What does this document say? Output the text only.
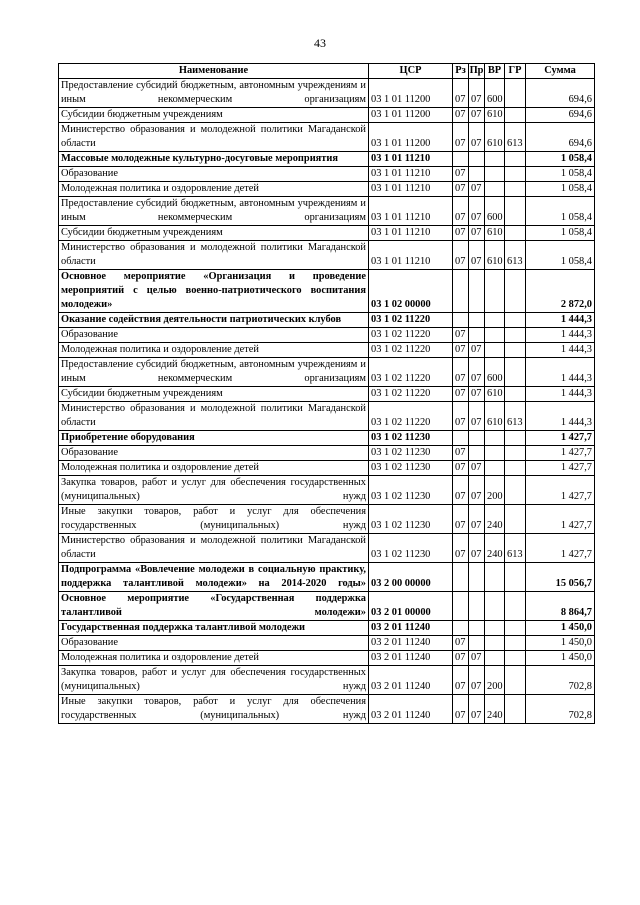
43
Наименование	ЦСР	Рз	Пр	ВР	ГР	Сумма
Предоставление субсидий бюджетным, автономным учреждениям и иным некоммерческим организациям	03 1 01 11200	07	07	600		694,6
Субсидии бюджетным учреждениям	03 1 01 11200	07	07	610		694,6
Министерство образования и молодежной политики Магаданской области	03 1 01 11200	07	07	610	613	694,6
Массовые молодежные культурно-досуговые мероприятия	03 1 01 11210					1 058,4
Образование	03 1 01 11210	07				1 058,4
Молодежная политика и оздоровление детей	03 1 01 11210	07	07			1 058,4
Предоставление субсидий бюджетным, автономным учреждениям и иным некоммерческим организациям	03 1 01 11210	07	07	600		1 058,4
Субсидии бюджетным учреждениям	03 1 01 11210	07	07	610		1 058,4
Министерство образования и молодежной политики Магаданской области	03 1 01 11210	07	07	610	613	1 058,4
Основное мероприятие «Организация и проведение мероприятий с целью военно-патриотического воспитания молодежи»	03 1 02 00000					2 872,0
Оказание содействия деятельности патриотических клубов	03 1 02 11220					1 444,3
Образование	03 1 02 11220	07				1 444,3
Молодежная политика и оздоровление детей	03 1 02 11220	07	07			1 444,3
Предоставление субсидий бюджетным, автономным учреждениям и иным некоммерческим организациям	03 1 02 11220	07	07	600		1 444,3
Субсидии бюджетным учреждениям	03 1 02 11220	07	07	610		1 444,3
Министерство образования и молодежной политики Магаданской области	03 1 02 11220	07	07	610	613	1 444,3
Приобретение оборудования	03 1 02 11230					1 427,7
Образование	03 1 02 11230	07				1 427,7
Молодежная политика и оздоровление детей	03 1 02 11230	07	07			1 427,7
Закупка товаров, работ и услуг для обеспечения государственных (муниципальных) нужд	03 1 02 11230	07	07	200		1 427,7
Иные закупки товаров, работ и услуг для обеспечения государственных (муниципальных) нужд	03 1 02 11230	07	07	240		1 427,7
Министерство образования и молодежной политики Магаданской области	03 1 02 11230	07	07	240	613	1 427,7
Подпрограмма «Вовлечение молодежи в социальную практику, поддержка талантливой молодежи» на 2014-2020 годы»	03 2 00 00000					15 056,7
Основное мероприятие «Государственная поддержка талантливой молодежи»	03 2 01 00000					8 864,7
Государственная поддержка талантливой молодежи	03 2 01 11240					1 450,0
Образование	03 2 01 11240	07				1 450,0
Молодежная политика и оздоровление детей	03 2 01 11240	07	07			1 450,0
Закупка товаров, работ и услуг для обеспечения государственных (муниципальных) нужд	03 2 01 11240	07	07	200		702,8
Иные закупки товаров, работ и услуг для обеспечения государственных (муниципальных) нужд	03 2 01 11240	07	07	240		702,8
